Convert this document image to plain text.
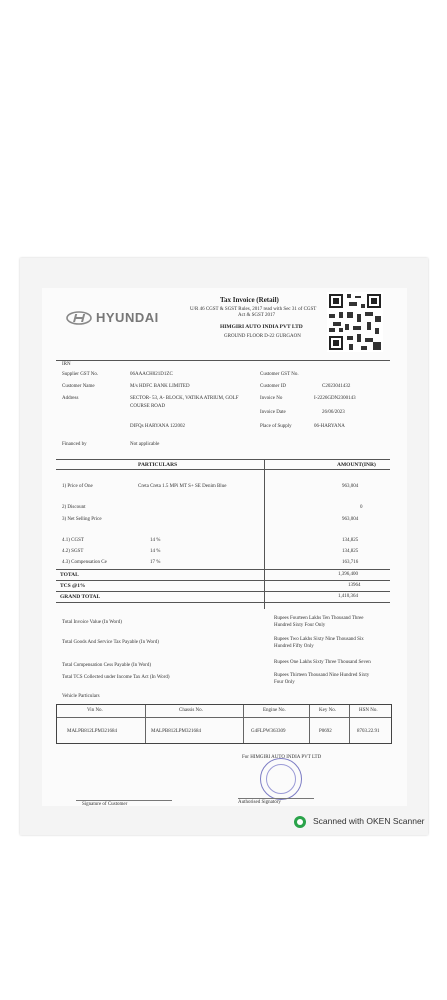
HYUNDAI
Tax Invoice (Retail)
U/R 46 CGST & SGST Rules, 2017 read with Sec 31 of CGST
Act & SGST 2017
HIMGIRI AUTO INDIA PVT LTD
GROUND FLOOR D-22 GURGAON
IRN
Supplier GST No.	06AAACH021D1ZC	Customer GST No.
Customer Name	M/s HDFC BANK LIMITED	Customer ID	C2023041432
Address	SECTOR- 53, A- BLOCK, VATIKA ATRIUM, GOLF
COURSE ROAD
Invoice No	I-2226GDN2300143
Invoice Date	26/06/2023
DIFQs HARYANA 122002	Place of Supply	06-HARYANA
Financed by	Not applicable
PARTICULARS	AMOUNT(INR)
1) Price of One	Creta Creta 1.5 MPi MT S+ SE Denim Blue	963,004
2) Discount	0
3) Net Selling Price	963,004
4.1) CGST	14 %	134,825
4.2) SGST	14 %	134,825
4.3) Compensation Ce	17 %	163,716
TOTAL	1,396,400
TCS @1%	13964
GRAND TOTAL	1,410,364
Total Invoice Value (In Word)
Rupees Fourteen Lakhs Ten Thousand Three
Hundred Sixty Four Only
Total Goods And Service Tax Payable (In Word)
Rupees Two Lakhs Sixty Nine Thousand Six
Hundred Fifty Only
Total Compensation Cess Payable (In Word)
Rupees One Lakhs Sixty Three Thousand Seven
Total TCS Collected under Income Tax Act (In Word)	Rupees Thirteen Thousand Nine Hundred Sixty
Four Only
Vehicle Particulars
Vin No.	Chassis No.	Engine No.	Key No.	HSN No.
MALPB812LPM321684	MALPB812LPM321684	G4FLPW363309	P0692	8703.22.91
For HIMGIRI AUTO INDIA PVT LTD
Signature of Customer	Authorised Signatory
Scanned with OKEN Scanner
